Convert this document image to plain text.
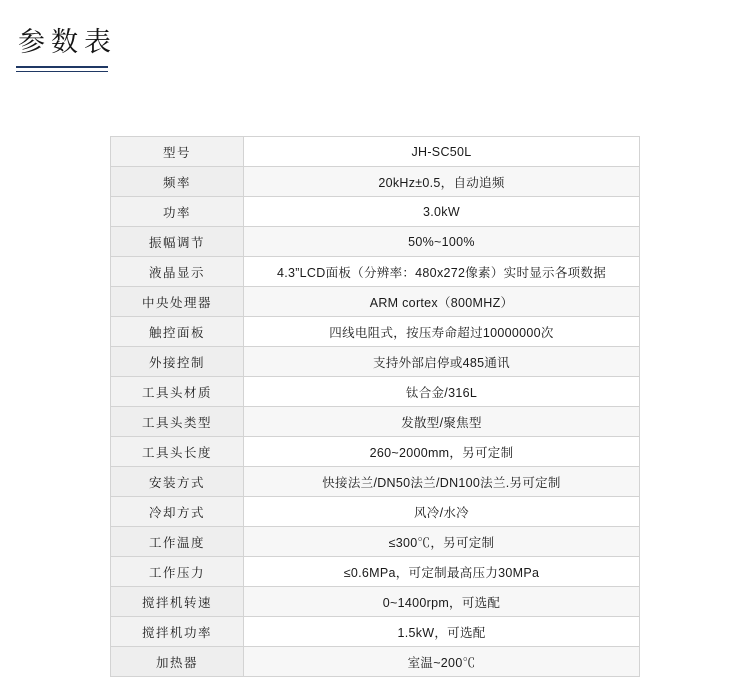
参数表
型号	JH-SC50L
频率	20kHz±0.5，自动追频
功率	3.0kW
振幅调节	50%~100%
液晶显示	4.3”LCD面板（分辨率：480x272像素）实时显示各项数据
中央处理器	ARM cortex（800MHZ）
触控面板	四线电阻式，按压寿命超过10000000次
外接控制	支持外部启停或485通讯
工具头材质	钛合金/316L
工具头类型	发散型/聚焦型
工具头长度	260~2000mm，另可定制
安装方式	快接法兰/DN50法兰/DN100法兰.另可定制
冷却方式	风冷/水冷
工作温度	≤300℃，另可定制
工作压力	≤0.6MPa，可定制最高压力30MPa
搅拌机转速	0~1400rpm，可选配
搅拌机功率	1.5kW，可选配
加热器	室温~200℃
